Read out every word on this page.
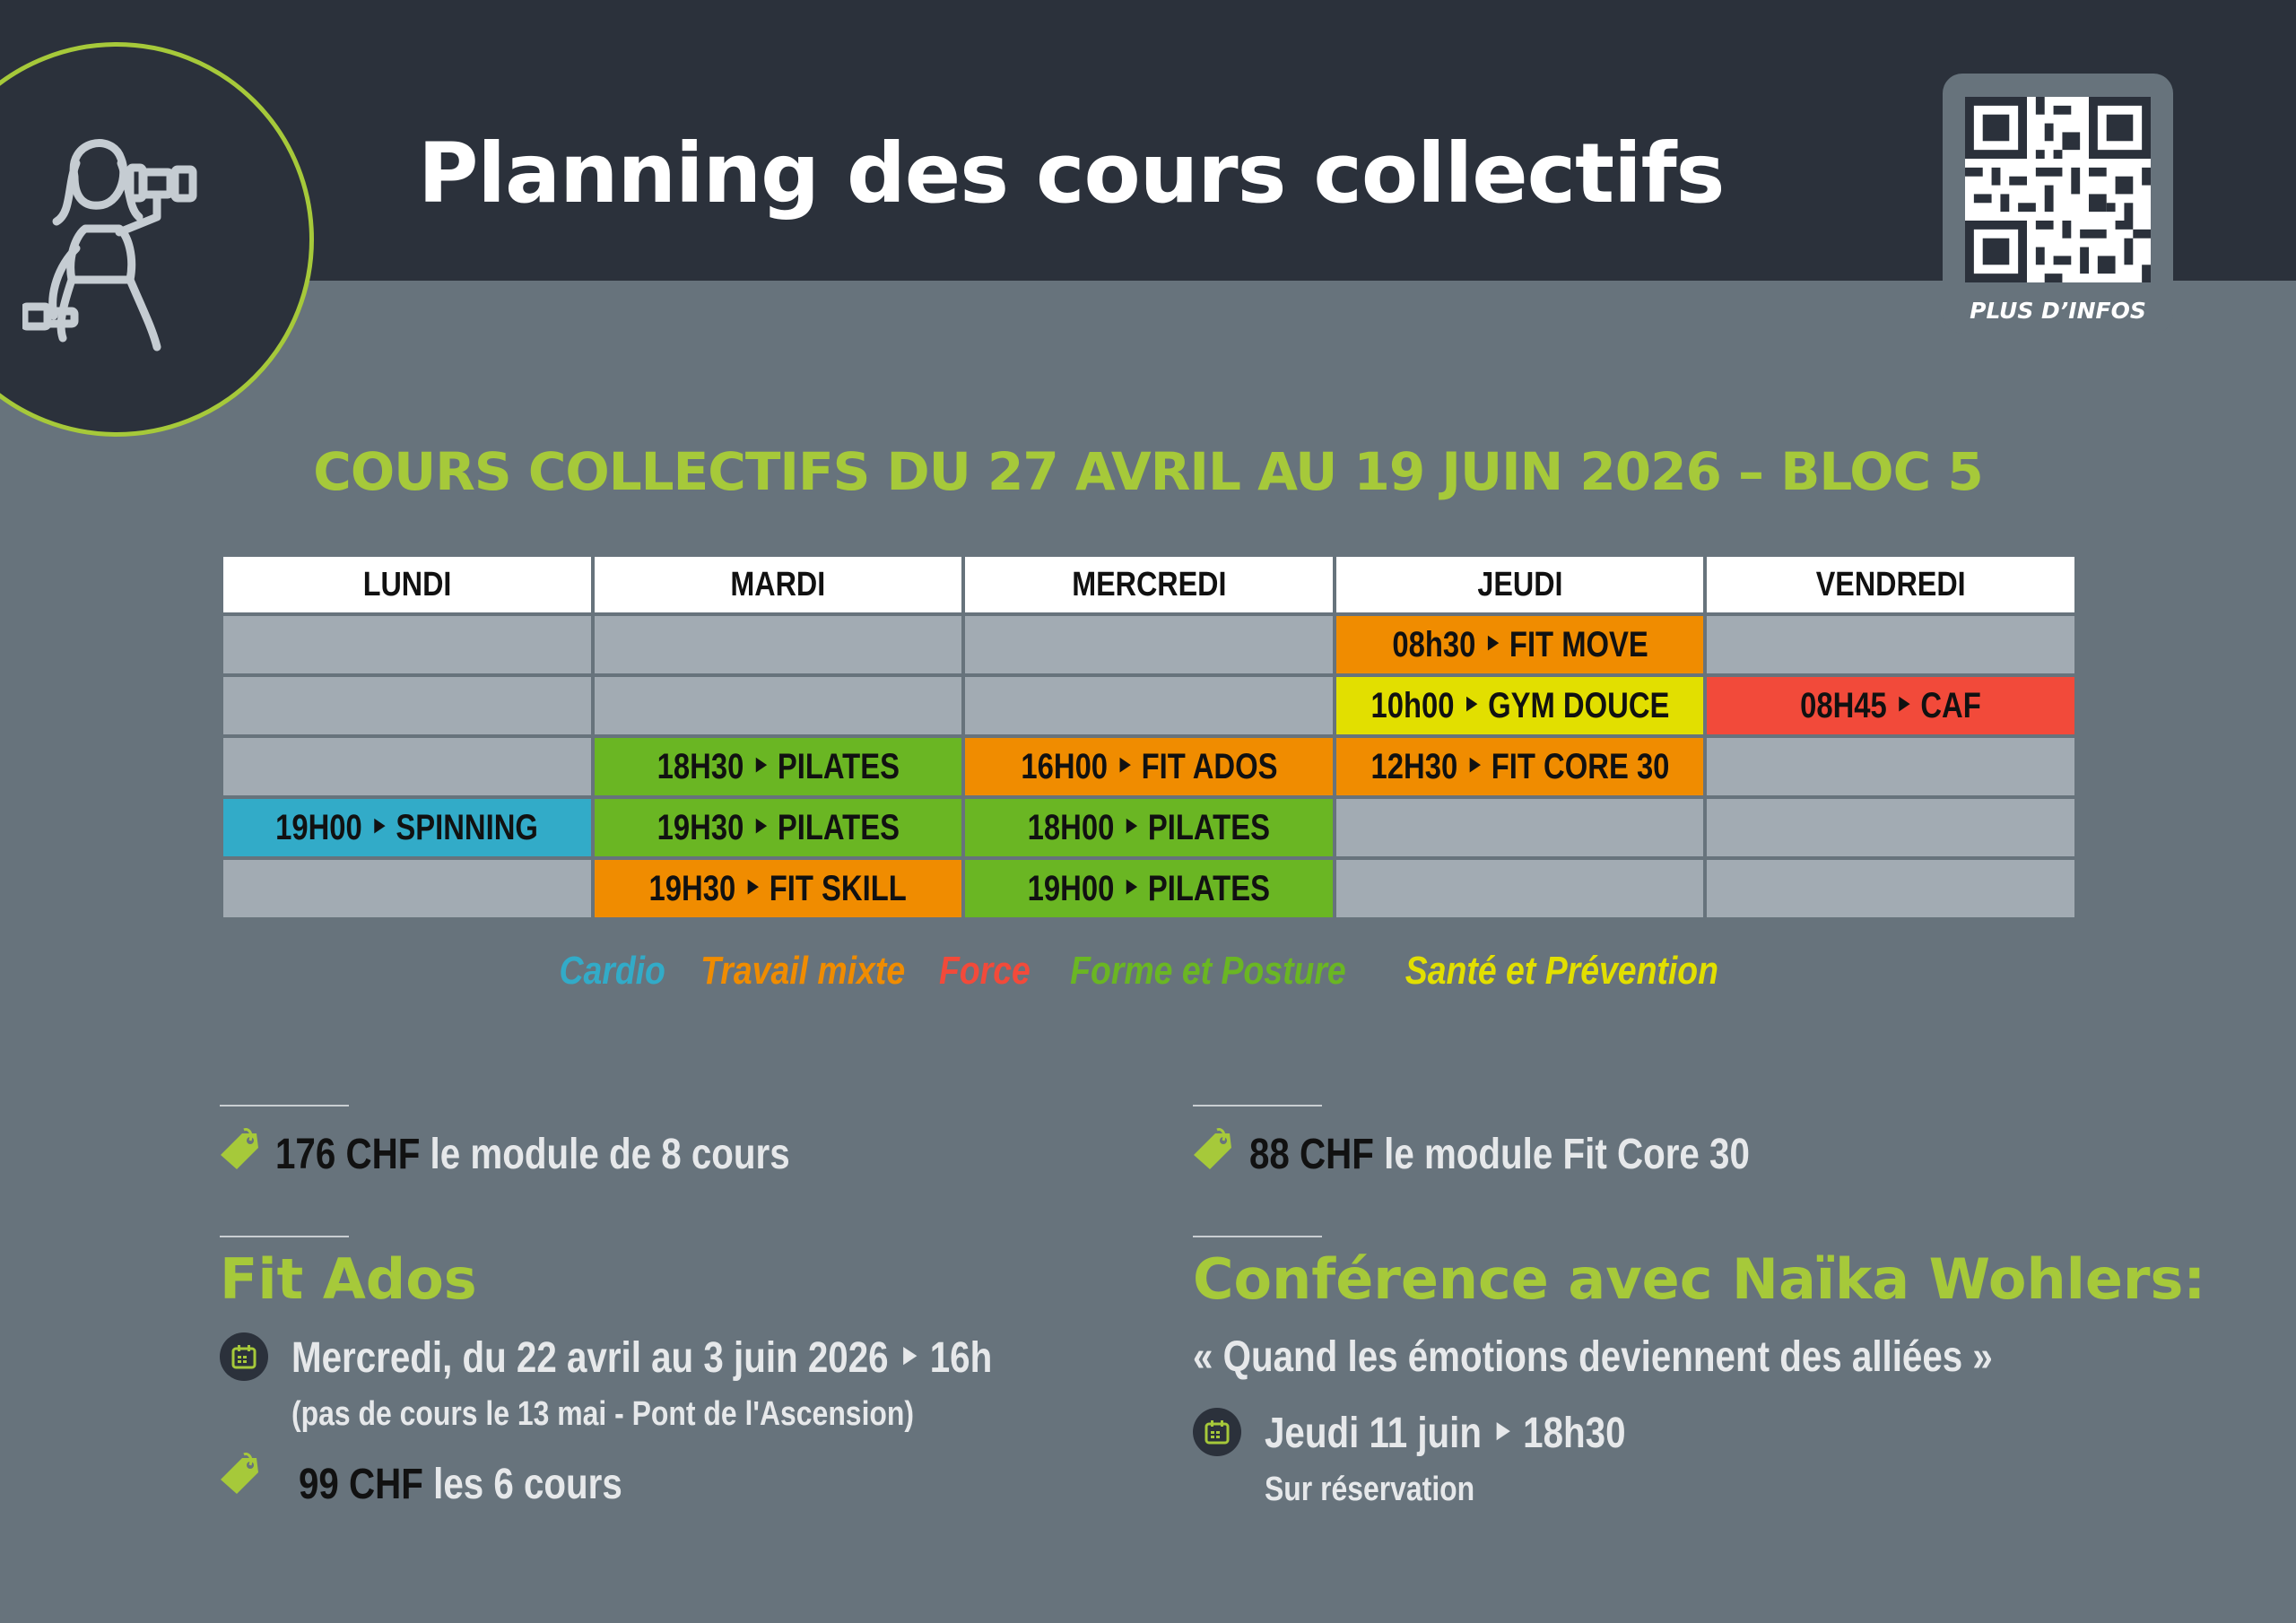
Planning des cours collectifs
PLUS D’INFOS
COURS COLLECTIFS DU 27 AVRIL AU 19 JUIN 2026 – BLOC 5
LUNDI	MARDI	MERCREDI	JEUDI	VENDREDI
			08h30 ‣ FIT MOVE	
			10h00 ‣ GYM DOUCE	08H45 ‣ CAF
	18H30 ‣ PILATES	16H00 ‣ FIT ADOS	12H30 ‣ FIT CORE 30	
19H00 ‣ SPINNING	19H30 ‣ PILATES	18H00 ‣ PILATES		
	19H30 ‣ FIT SKILL	19H00 ‣ PILATES		
Cardio Travail mixte Force Forme et Posture Santé et Prévention
176 CHF le module de 8 cours
Fit Ados
Mercredi, du 22 avril au 3 juin 2026 ‣ 16h
(pas de cours le 13 mai - Pont de l'Ascension)
99 CHF les 6 cours
88 CHF le module Fit Core 30
Conférence avec Naïka Wohlers:
« Quand les émotions deviennent des alliées »
Jeudi 11 juin ‣ 18h30
Sur réservation
